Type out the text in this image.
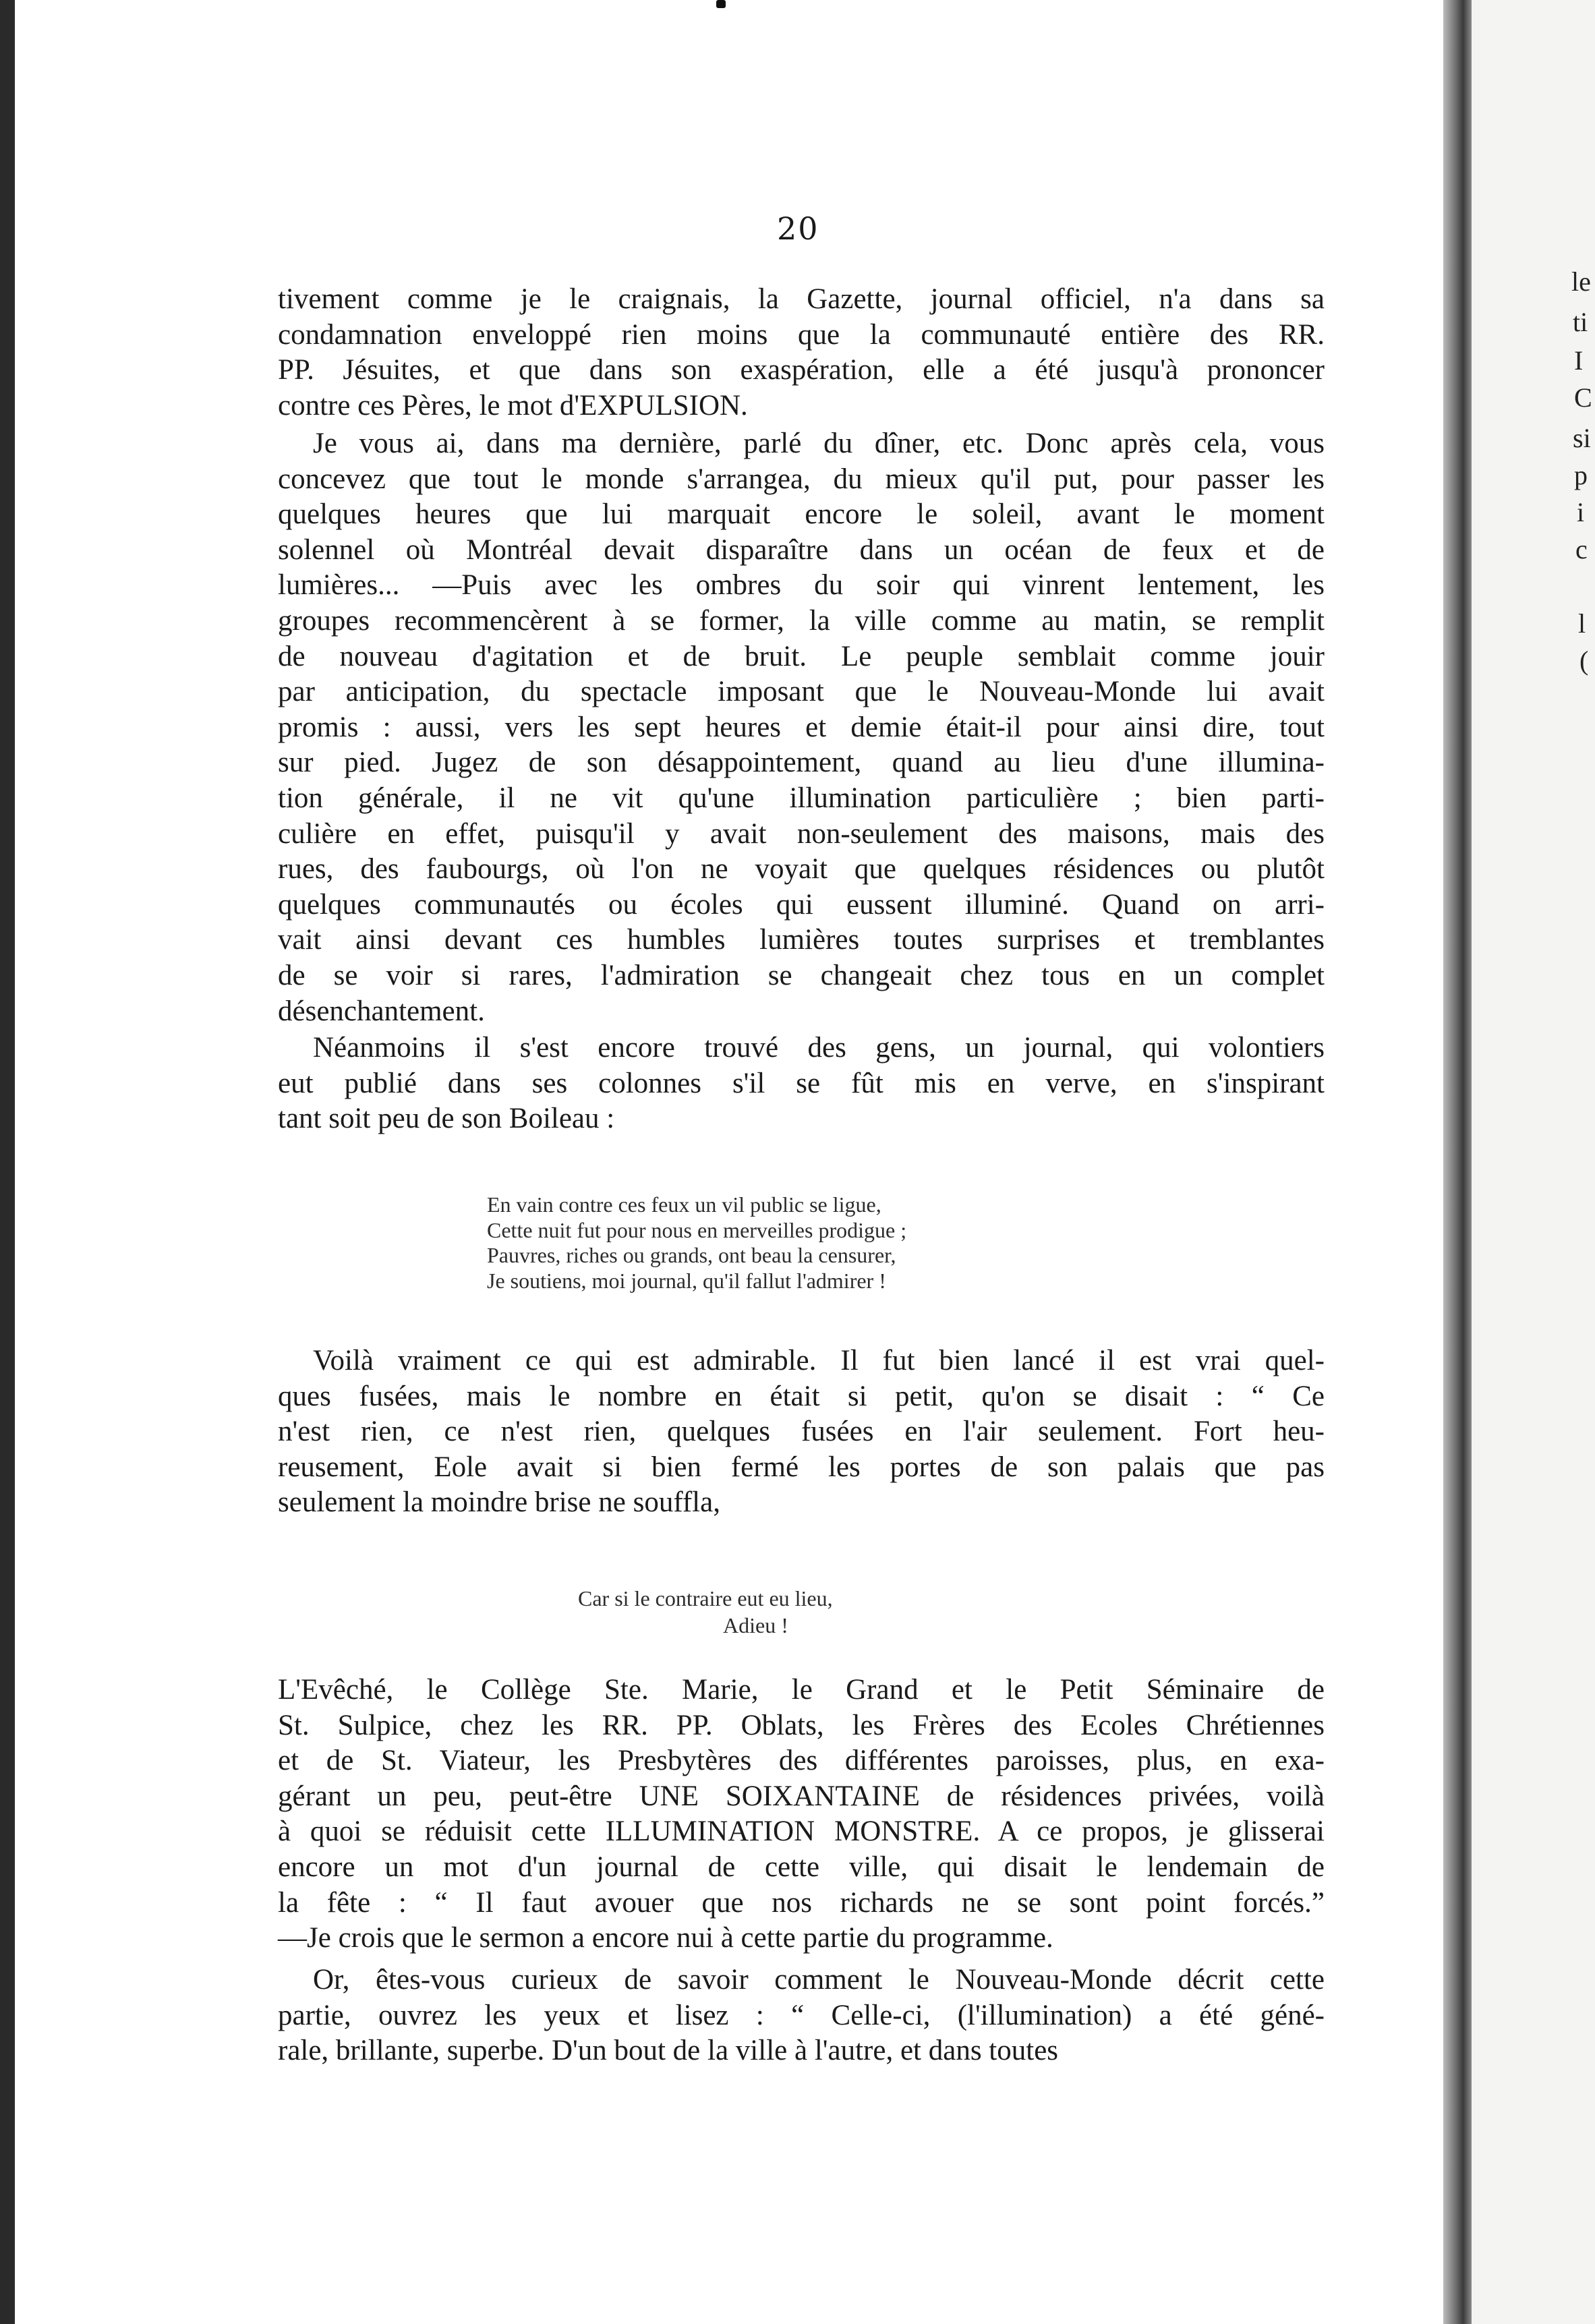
le
ti
I
C
si
p
i
c
l
(
20

tivement comme je le craignais, la Gazette, journal officiel, n'a dans sa
condamnation enveloppé rien moins que la communauté entière des RR.
PP. Jésuites, et que dans son exaspération, elle a été jusqu'à prononcer
contre ces Pères, le mot d'EXPULSION.

Je vous ai, dans ma dernière, parlé du dîner, etc. Donc après cela, vous
concevez que tout le monde s'arrangea, du mieux qu'il put, pour passer les
quelques heures que lui marquait encore le soleil, avant le moment
solennel où Montréal devait disparaître dans un océan de feux et de
lumières... —Puis avec les ombres du soir qui vinrent lentement, les
groupes recommencèrent à se former, la ville comme au matin, se remplit
de nouveau d'agitation et de bruit. Le peuple semblait comme jouir
par anticipation, du spectacle imposant que le Nouveau-Monde lui avait
promis : aussi, vers les sept heures et demie était-il pour ainsi dire, tout
sur pied. Jugez de son désappointement, quand au lieu d'une illumina-
tion générale, il ne vit qu'une illumination particulière ; bien parti-
culière en effet, puisqu'il y avait non-seulement des maisons, mais des
rues, des faubourgs, où l'on ne voyait que quelques résidences ou plutôt
quelques communautés ou écoles qui eussent illuminé. Quand on arri-
vait ainsi devant ces humbles lumières toutes surprises et tremblantes
de se voir si rares, l'admiration se changeait chez tous en un complet
désenchantement.

Néanmoins il s'est encore trouvé des gens, un journal, qui volontiers
eut publié dans ses colonnes s'il se fût mis en verve, en s'inspirant
tant soit peu de son Boileau :

En vain contre ces feux un vil public se ligue,
Cette nuit fut pour nous en merveilles prodigue ;
Pauvres, riches ou grands, ont beau la censurer,
Je soutiens, moi journal, qu'il fallut l'admirer !

Voilà vraiment ce qui est admirable. Il fut bien lancé il est vrai quel-
ques fusées, mais le nombre en était si petit, qu'on se disait : “ Ce
n'est rien, ce n'est rien, quelques fusées en l'air seulement. Fort heu-
reusement, Eole avait si bien fermé les portes de son palais que pas
seulement la moindre brise ne souffla,

Car si le contraire eut eu lieu,
Adieu !

L'Evêché, le Collège Ste. Marie, le Grand et le Petit Séminaire de
St. Sulpice, chez les RR. PP. Oblats, les Frères des Ecoles Chrétiennes
et de St. Viateur, les Presbytères des différentes paroisses, plus, en exa-
gérant un peu, peut-être UNE SOIXANTAINE de résidences privées, voilà
à quoi se réduisit cette ILLUMINATION MONSTRE. A ce propos, je glisserai
encore un mot d'un journal de cette ville, qui disait le lendemain de
la fête : “ Il faut avouer que nos richards ne se sont point forcés.”
—Je crois que le sermon a encore nui à cette partie du programme.

Or, êtes-vous curieux de savoir comment le Nouveau-Monde décrit cette
partie, ouvrez les yeux et lisez : “ Celle-ci, (l'illumination) a été géné-
rale, brillante, superbe. D'un bout de la ville à l'autre, et dans toutes
